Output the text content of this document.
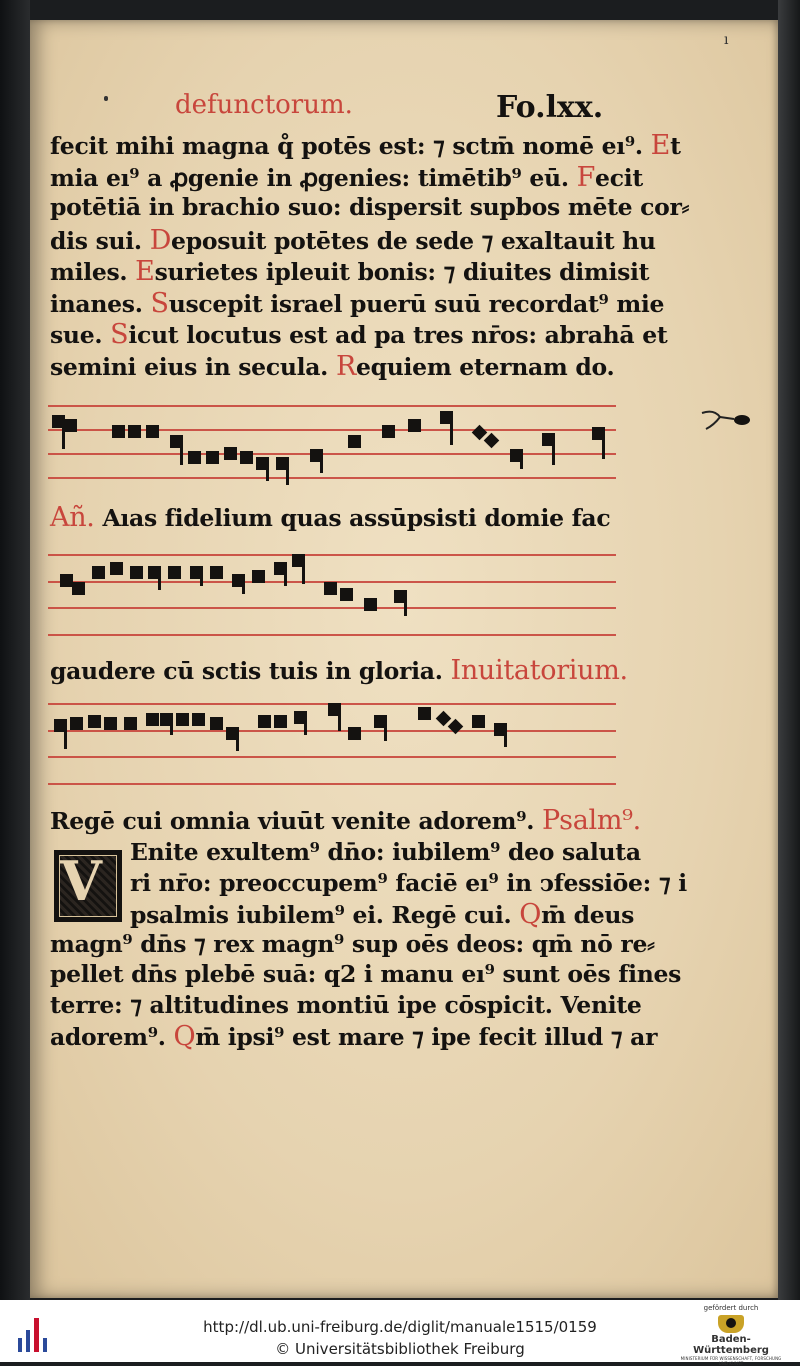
ı
defunctorum.	Fo.lxx.
fecit mihi magna q̊ potēs est: ⁊ sctm̄ nomē eı⁹. Et
mia eı⁹ a ꝓgenie in ꝓgenies: timētib⁹ eū. Fecit
potētiā in brachio suo: dispersit supbos mēte cor⸗
dis sui. Deposuit potētes de sede ⁊ exaltauit hu
miles. Esurietes ipleuit bonis: ⁊ diuites dimisit
inanes. Suscepit israel puerū suū recordat⁹ mie
sue. Sicut locutus est ad pa tres nr̄os: abrahā et
semini eius in secula. Requiem eternam do.
Añ. Aıas fidelium quas assūpsisti domie fac
gaudere cū sctis tuis in gloria. Inuitatorium.
Regē cui omnia viuūt venite adorem⁹. Psalm⁹.
V Enite exultem⁹ dn̄o: iubilem⁹ deo saluta
ri nr̄o: preoccupem⁹ faciē eı⁹ in ↄfessiōe: ⁊ i
psalmis iubilem⁹ ei. Regē cui. Qm̄ deus
magn⁹ dn̄s ⁊ rex magn⁹ sup oēs deos: qm̄ nō re⸗
pellet dn̄s plebē suā: q2 i manu eı⁹ sunt oēs fines
terre: ⁊ altitudines montiū ipe cōspicit. Venite
adorem⁹. Qm̄ ipsi⁹ est mare ⁊ ipe fecit illud ⁊ ar
http://dl.ub.uni-freiburg.de/diglit/manuale1515/0159
© Universitätsbibliothek Freiburg
gefördert durch
Baden-Württemberg
MINISTERIUM FÜR WISSENSCHAFT, FORSCHUNG UND KUNST
